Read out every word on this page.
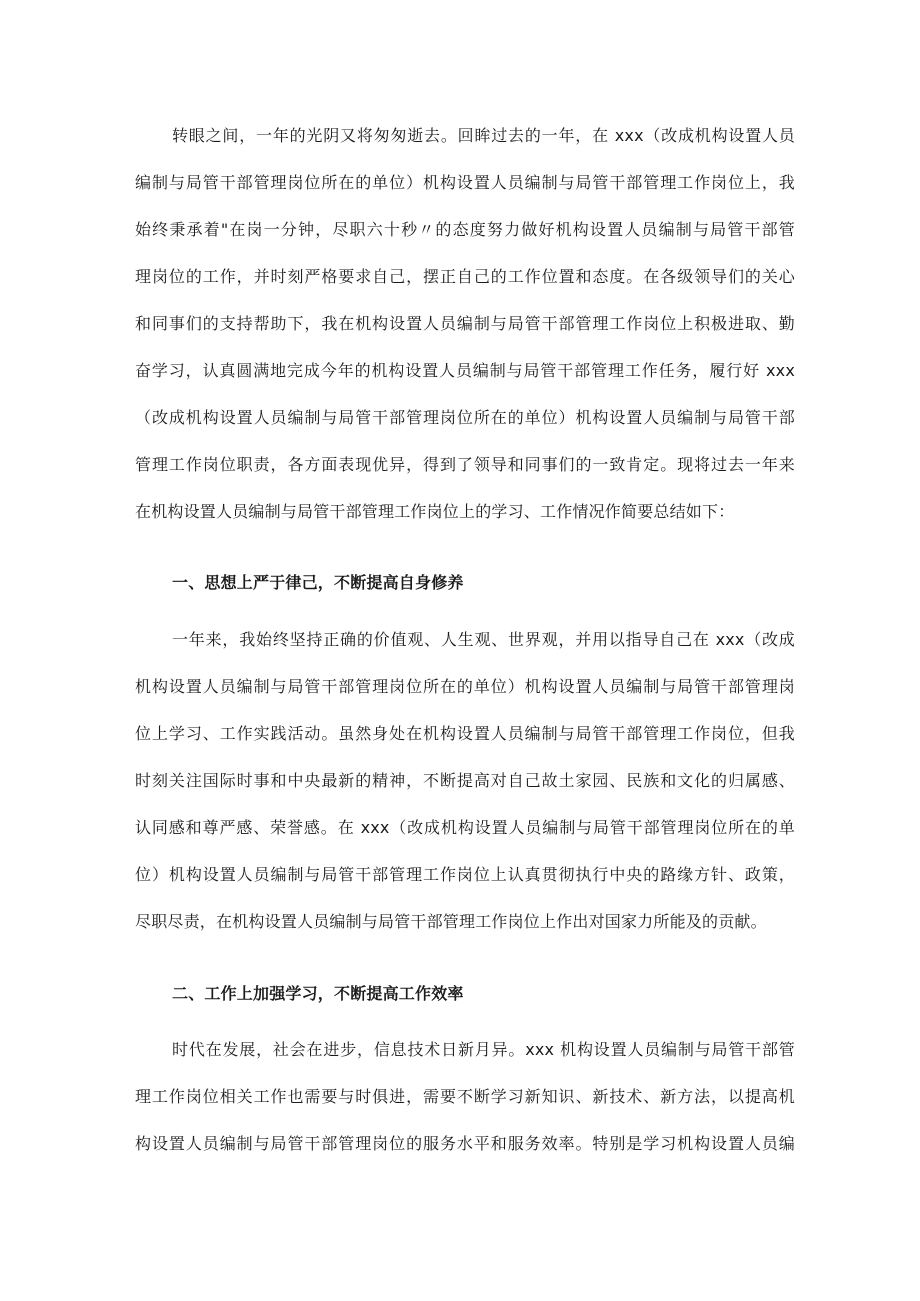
转眼之间，一年的光阴又将匆匆逝去。回眸过去的一年，在 xxx（改成机构设置人员
编制与局管干部管理岗位所在的单位）机构设置人员编制与局管干部管理工作岗位上，我
始终秉承着"在岗一分钟，尽职六十秒〃的态度努力做好机构设置人员编制与局管干部管
理岗位的工作，并时刻严格要求自己，摆正自己的工作位置和态度。在各级领导们的关心
和同事们的支持帮助下，我在机构设置人员编制与局管干部管理工作岗位上积极进取、勤
奋学习，认真圆满地完成今年的机构设置人员编制与局管干部管理工作任务，履行好 xxx
（改成机构设置人员编制与局管干部管理岗位所在的单位）机构设置人员编制与局管干部
管理工作岗位职责，各方面表现优异，得到了领导和同事们的一致肯定。现将过去一年来
在机构设置人员编制与局管干部管理工作岗位上的学习、工作情况作简要总结如下：
一、思想上严于律己，不断提高自身修养
一年来，我始终坚持正确的价值观、人生观、世界观，并用以指导自己在 xxx（改成
机构设置人员编制与局管干部管理岗位所在的单位）机构设置人员编制与局管干部管理岗
位上学习、工作实践活动。虽然身处在机构设置人员编制与局管干部管理工作岗位，但我
时刻关注国际时事和中央最新的精神，不断提高对自己故土家园、民族和文化的归属感、
认同感和尊严感、荣誉感。在 xxx（改成机构设置人员编制与局管干部管理岗位所在的单
位）机构设置人员编制与局管干部管理工作岗位上认真贯彻执行中央的路缘方针、政策，
尽职尽责，在机构设置人员编制与局管干部管理工作岗位上作出对国家力所能及的贡献。
二、工作上加强学习，不断提高工作效率
时代在发展，社会在进步，信息技术日新月异。xxx 机构设置人员编制与局管干部管
理工作岗位相关工作也需要与时俱进，需要不断学习新知识、新技术、新方法，以提高机
构设置人员编制与局管干部管理岗位的服务水平和服务效率。特别是学习机构设置人员编
